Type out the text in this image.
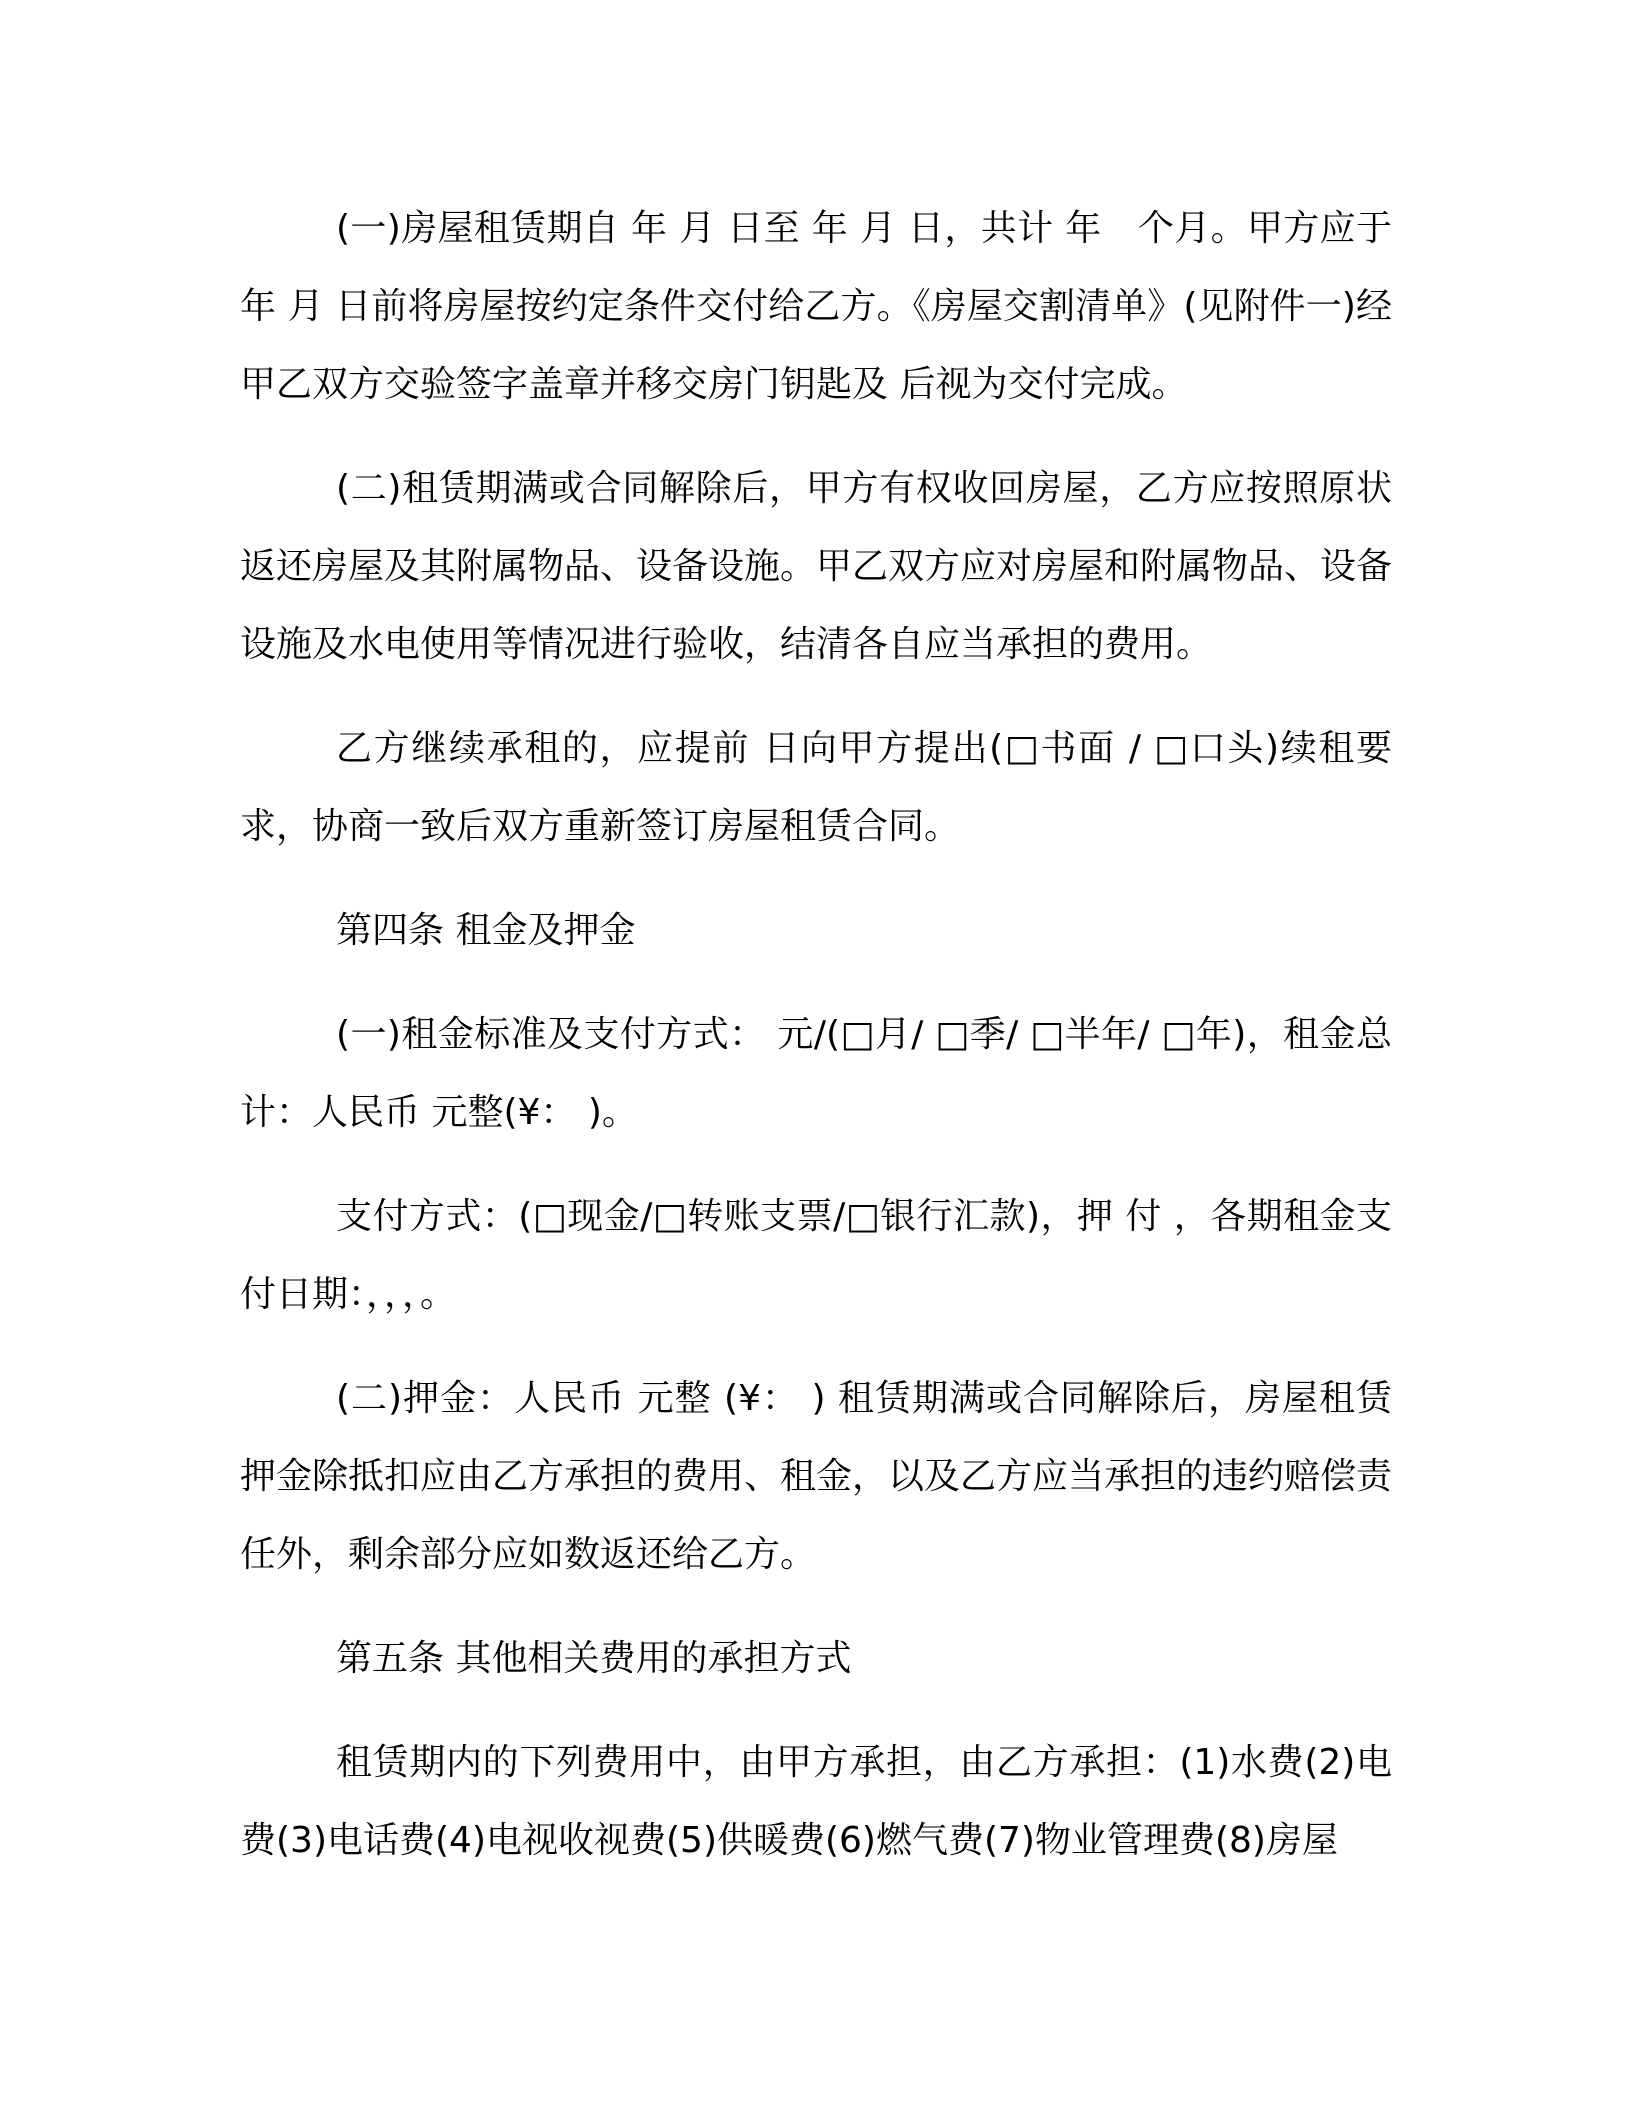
(一)房屋租赁期自 年 月 日至 年 月 日，共计 年　个月。甲方应于 年 月 日前将房屋按约定条件交付给乙方。《房屋交割清单》(见附件一)经甲乙双方交验签字盖章并移交房门钥匙及 后视为交付完成。

(二)租赁期满或合同解除后，甲方有权收回房屋，乙方应按照原状返还房屋及其附属物品、设备设施。甲乙双方应对房屋和附属物品、设备设施及水电使用等情况进行验收，结清各自应当承担的费用。

乙方继续承租的，应提前 日向甲方提出(□书面 / □口头)续租要求，协商一致后双方重新签订房屋租赁合同。

第四条 租金及押金

(一)租金标准及支付方式： 元/(□月/ □季/ □半年/ □年)，租金总计：人民币 元整(¥： )。

支付方式：(□现金/□转账支票/□银行汇款)，押 付 ，各期租金支付日期：，，，。

(二)押金：人民币 元整 (¥： ) 租赁期满或合同解除后，房屋租赁押金除抵扣应由乙方承担的费用、租金，以及乙方应当承担的违约赔偿责任外，剩余部分应如数返还给乙方。

第五条 其他相关费用的承担方式

租赁期内的下列费用中，由甲方承担，由乙方承担：(1)水费(2)电费(3)电话费(4)电视收视费(5)供暖费(6)燃气费(7)物业管理费(8)房屋
